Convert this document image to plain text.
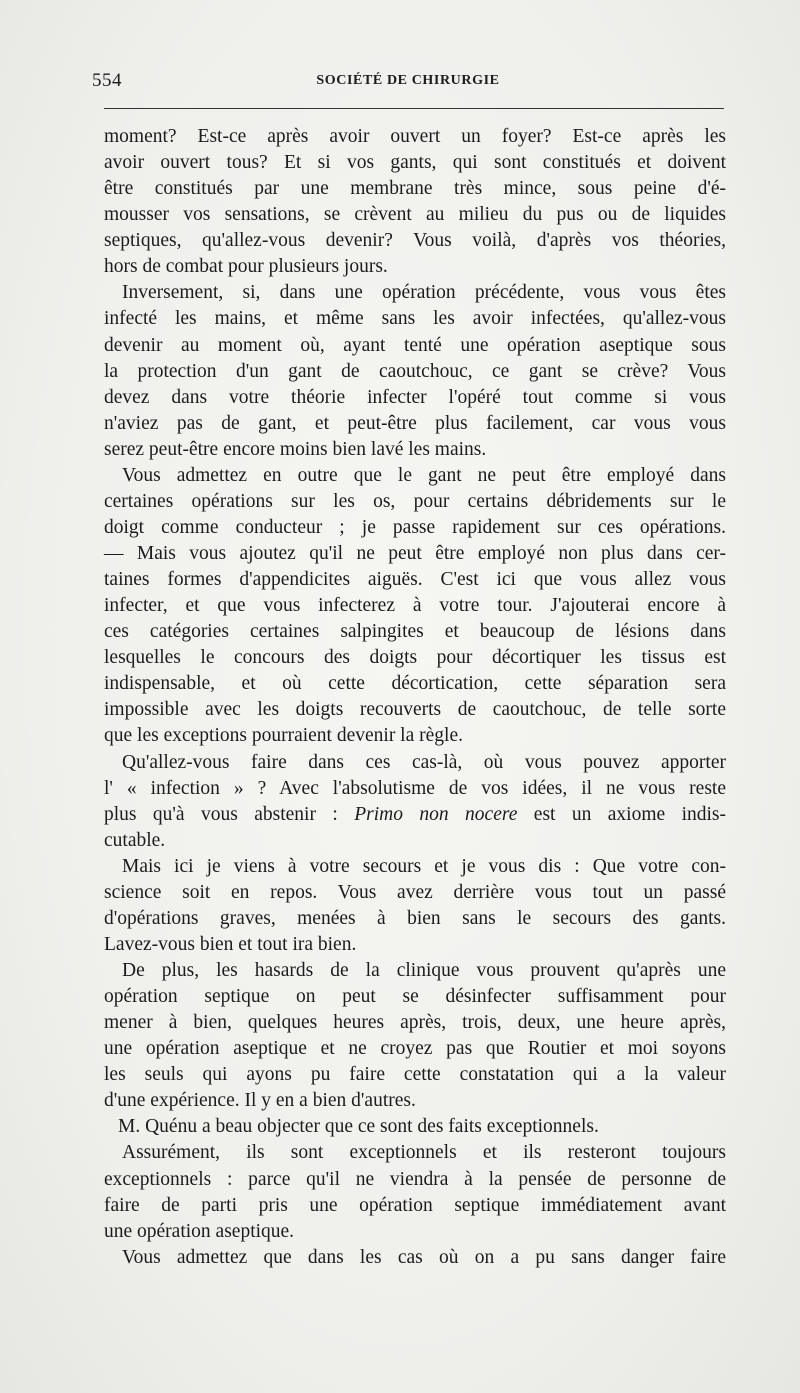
554	SOCIÉTÉ DE CHIRURGIE
moment? Est-ce après avoir ouvert un foyer? Est-ce après les
avoir ouvert tous? Et si vos gants, qui sont constitués et doivent
être constitués par une membrane très mince, sous peine d'é-
mousser vos sensations, se crèvent au milieu du pus ou de liquides
septiques, qu'allez-vous devenir? Vous voilà, d'après vos théories,
hors de combat pour plusieurs jours.
Inversement, si, dans une opération précédente, vous vous êtes
infecté les mains, et même sans les avoir infectées, qu'allez-vous
devenir au moment où, ayant tenté une opération aseptique sous
la protection d'un gant de caoutchouc, ce gant se crève? Vous
devez dans votre théorie infecter l'opéré tout comme si vous
n'aviez pas de gant, et peut-être plus facilement, car vous vous
serez peut-être encore moins bien lavé les mains.
Vous admettez en outre que le gant ne peut être employé dans
certaines opérations sur les os, pour certains débridements sur le
doigt comme conducteur ; je passe rapidement sur ces opérations.
— Mais vous ajoutez qu'il ne peut être employé non plus dans cer-
taines formes d'appendicites aiguës. C'est ici que vous allez vous
infecter, et que vous infecterez à votre tour. J'ajouterai encore à
ces catégories certaines salpingites et beaucoup de lésions dans
lesquelles le concours des doigts pour décortiquer les tissus est
indispensable, et où cette décortication, cette séparation sera
impossible avec les doigts recouverts de caoutchouc, de telle sorte
que les exceptions pourraient devenir la règle.
Qu'allez-vous faire dans ces cas-là, où vous pouvez apporter
l' « infection » ? Avec l'absolutisme de vos idées, il ne vous reste
plus qu'à vous abstenir : Primo non nocere est un axiome indis-
cutable.
Mais ici je viens à votre secours et je vous dis : Que votre con-
science soit en repos. Vous avez derrière vous tout un passé
d'opérations graves, menées à bien sans le secours des gants.
Lavez-vous bien et tout ira bien.
De plus, les hasards de la clinique vous prouvent qu'après une
opération septique on peut se désinfecter suffisamment pour
mener à bien, quelques heures après, trois, deux, une heure après,
une opération aseptique et ne croyez pas que Routier et moi soyons
les seuls qui ayons pu faire cette constatation qui a la valeur
d'une expérience. Il y en a bien d'autres.
M. Quénu a beau objecter que ce sont des faits exceptionnels.
Assurément, ils sont exceptionnels et ils resteront toujours
exceptionnels : parce qu'il ne viendra à la pensée de personne de
faire de parti pris une opération septique immédiatement avant
une opération aseptique.
Vous admettez que dans les cas où on a pu sans danger faire
